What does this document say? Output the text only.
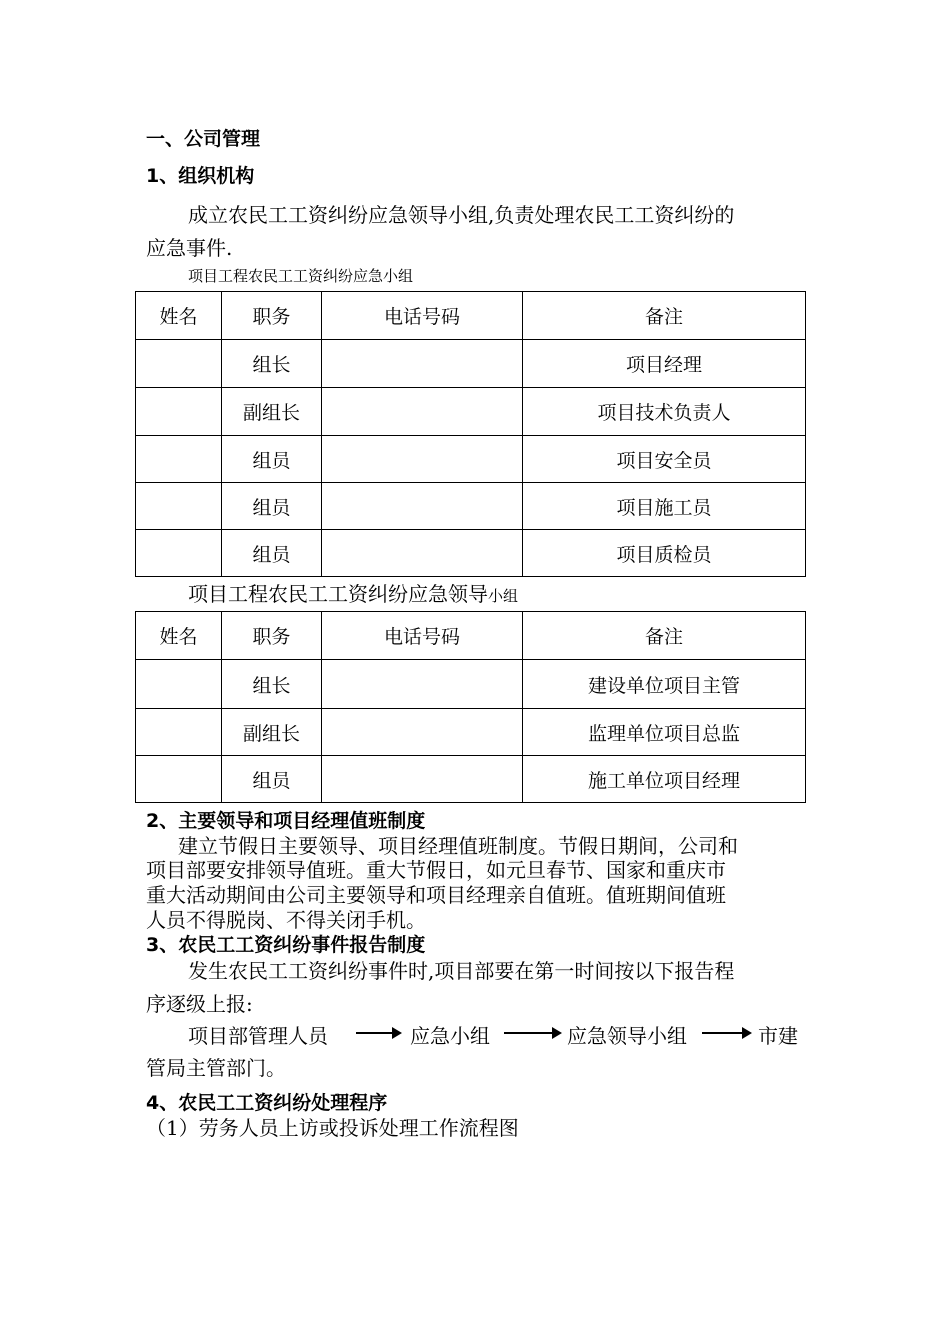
一、公司管理
1、组织机构
成立农民工工资纠纷应急领导小组,负责处理农民工工资纠纷的
应急事件.
项目工程农民工工资纠纷应急小组
姓名	职务	电话号码	备注
	组长		项目经理
	副组长		项目技术负责人
	组员		项目安全员
	组员		项目施工员
	组员		项目质检员
项目工程农民工工资纠纷应急领导小组
姓名	职务	电话号码	备注
	组长		建设单位项目主管
	副组长		监理单位项目总监
	组员		施工单位项目经理
2、主要领导和项目经理值班制度
建立节假日主要领导、项目经理值班制度。节假日期间，公司和
项目部要安排领导值班。重大节假日，如元旦春节、国家和重庆市
重大活动期间由公司主要领导和项目经理亲自值班。值班期间值班
人员不得脱岗、不得关闭手机。
3、农民工工资纠纷事件报告制度
发生农民工工资纠纷事件时,项目部要在第一时间按以下报告程
序逐级上报:
项目部管理人员	应急小组	应急领导小组	市建
管局主管部门。
4、农民工工资纠纷处理程序
（1）劳务人员上访或投诉处理工作流程图
